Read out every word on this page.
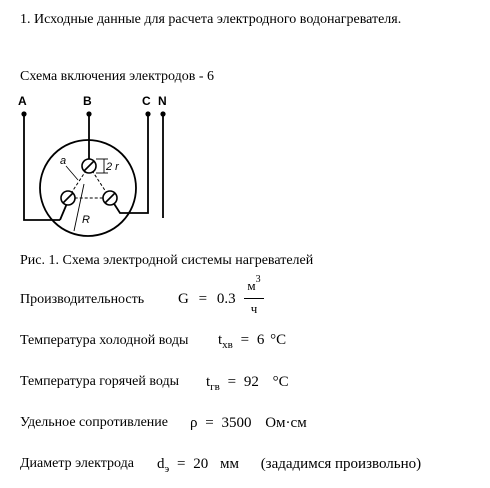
1. Исходные данные для расчета электродного водонагревателя.
Схема включения электродов - 6
A	B	C N
2 r
a
R
Рис. 1. Схема электродной системы нагревателей
Производительность G = 0.3
$м^3$
ч
Температура холодной воды $t_{хв} = 6$ °С
Температура горячей воды $t_{гв} = 92$ °С
Удельное сопротивление ρ = 3500 Ом·см
Диаметр электрода $d_э = 20$ мм (зададимся произвольно)
